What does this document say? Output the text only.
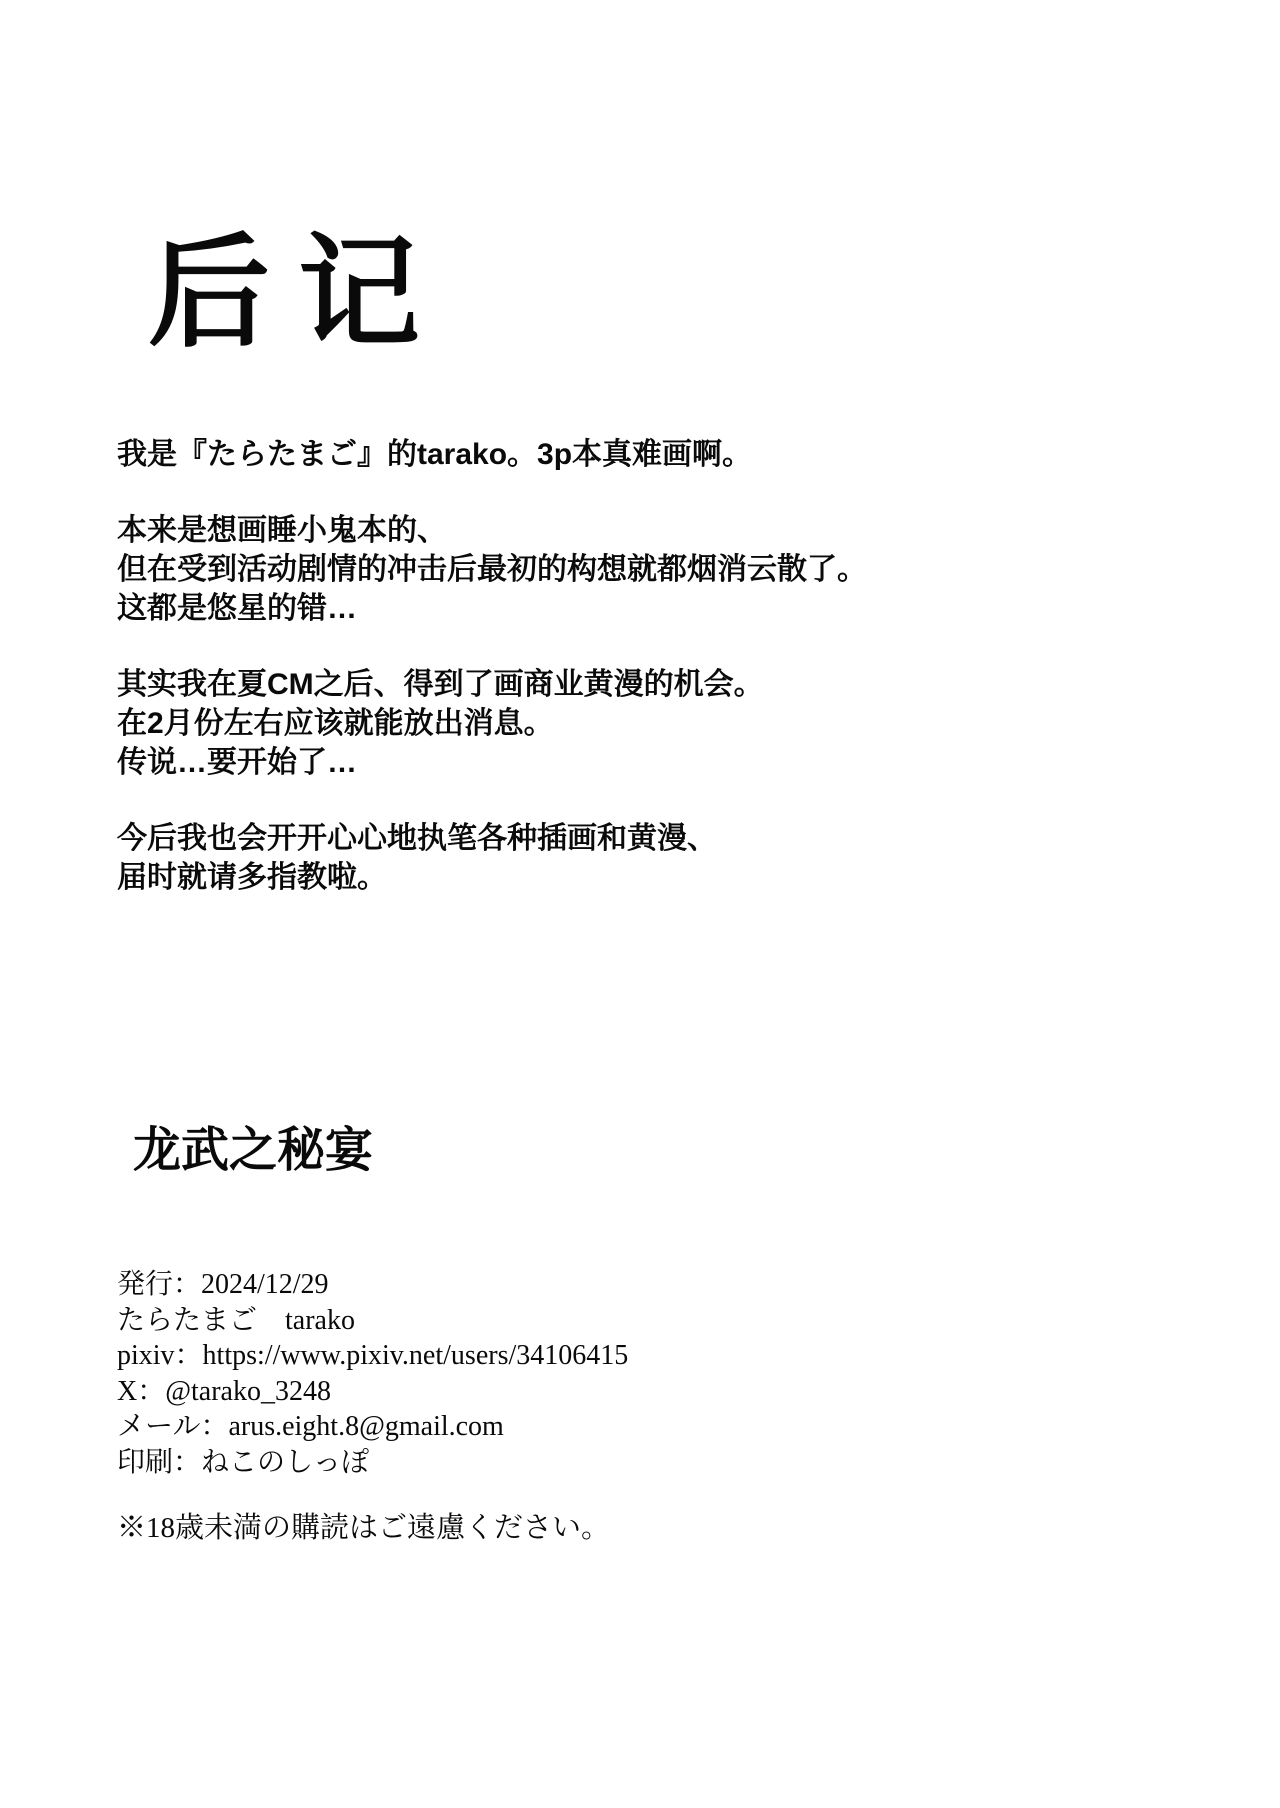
后记
我是『たらたまご』的tarako。3p本真难画啊。
本来是想画睡小鬼本的、
但在受到活动剧情的冲击后最初的构想就都烟消云散了。
这都是悠星的错…
其实我在夏CM之后、得到了画商业黄漫的机会。
在2月份左右应该就能放出消息。
传说…要开始了…
今后我也会开开心心地执笔各种插画和黄漫、
届时就请多指教啦。
龙武之秘宴
発行：2024/12/29
たらたまご　tarako
pixiv：https://www.pixiv.net/users/34106415
X：@tarako_3248
メール：arus.eight.8@gmail.com
印刷：ねこのしっぽ
※18歳未満の購読はご遠慮ください。
